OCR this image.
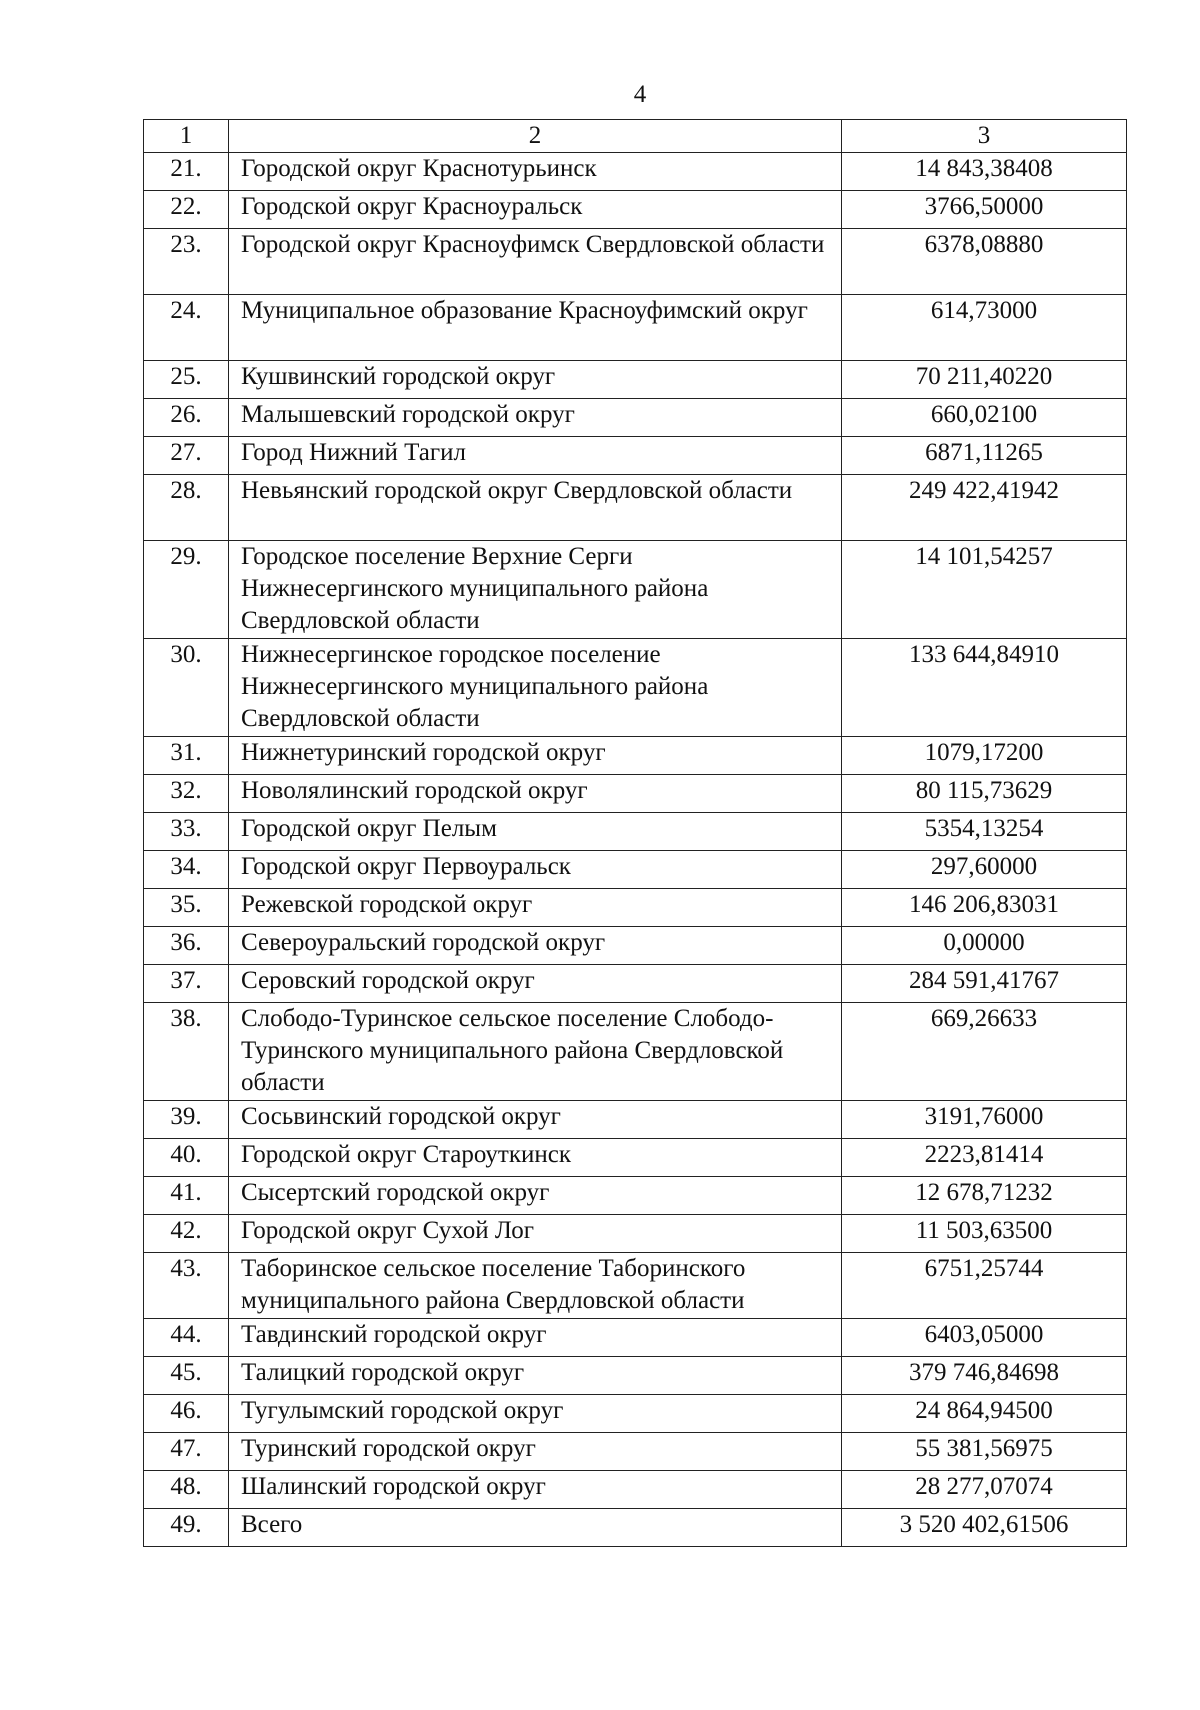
4
1	2	3
21.	Городской округ Краснотурьинск	14 843,38408
22.	Городской округ Красноуральск	3766,50000
23.	Городской округ Красноуфимск Свердловской области	6378,08880
24.	Муниципальное образование Красноуфимский округ	614,73000
25.	Кушвинский городской округ	70 211,40220
26.	Малышевский городской округ	660,02100
27.	Город Нижний Тагил	6871,11265
28.	Невьянский городской округ Свердловской области	249 422,41942
29.	Городское поселение Верхние Серги Нижнесергинского муниципального района Свердловской области	14 101,54257
30.	Нижнесергинское городское поселение Нижнесергинского муниципального района Свердловской области	133 644,84910
31.	Нижнетуринский городской округ	1079,17200
32.	Новолялинский городской округ	80 115,73629
33.	Городской округ Пелым	5354,13254
34.	Городской округ Первоуральск	297,60000
35.	Режевской городской округ	146 206,83031
36.	Североуральский городской округ	0,00000
37.	Серовский городской округ	284 591,41767
38.	Слободо-Туринское сельское поселение Слободо-Туринского муниципального района Свердловской области	669,26633
39.	Сосьвинский городской округ	3191,76000
40.	Городской округ Староуткинск	2223,81414
41.	Сысертский городской округ	12 678,71232
42.	Городской округ Сухой Лог	11 503,63500
43.	Таборинское сельское поселение Таборинского муниципального района Свердловской области	6751,25744
44.	Тавдинский городской округ	6403,05000
45.	Талицкий городской округ	379 746,84698
46.	Тугулымский городской округ	24 864,94500
47.	Туринский городской округ	55 381,56975
48.	Шалинский городской округ	28 277,07074
49.	Всего	3 520 402,61506
